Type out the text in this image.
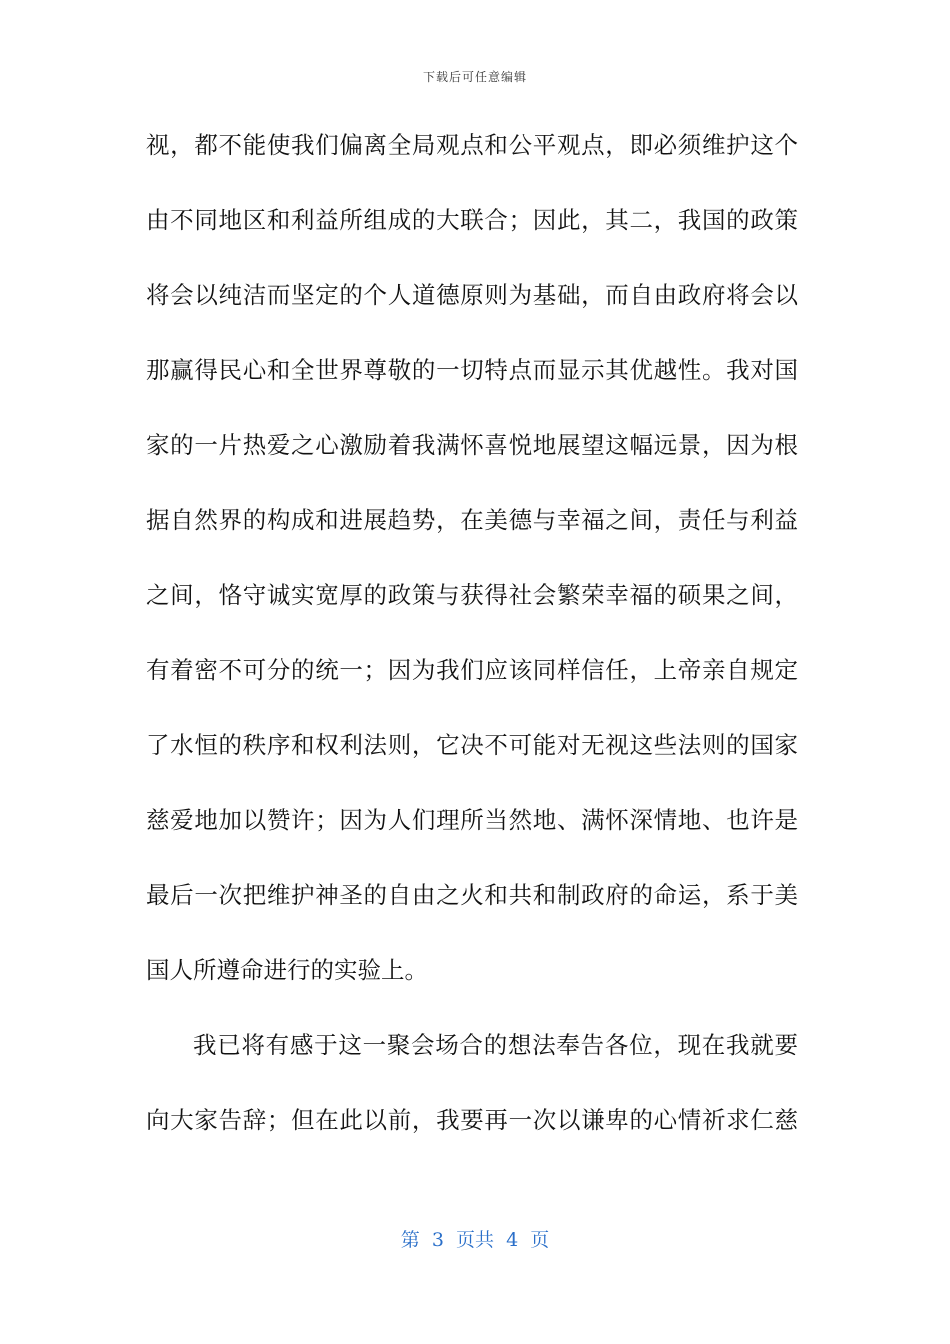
下载后可任意编辑
视，都不能使我们偏离全局观点和公平观点，即必须维护这个
由不同地区和利益所组成的大联合；因此，其二，我国的政策
将会以纯洁而坚定的个人道德原则为基础，而自由政府将会以
那赢得民心和全世界尊敬的一切特点而显示其优越性。我对国
家的一片热爱之心激励着我满怀喜悦地展望这幅远景，因为根
据自然界的构成和进展趋势，在美德与幸福之间，责任与利益
之间，恪守诚实宽厚的政策与获得社会繁荣幸福的硕果之间，
有着密不可分的统一；因为我们应该同样信任，上帝亲自规定
了水恒的秩序和权利法则，它决不可能对无视这些法则的国家
慈爱地加以赞许；因为人们理所当然地、满怀深情地、也许是
最后一次把维护神圣的自由之火和共和制政府的命运，系于美
国人所遵命进行的实验上。
我已将有感于这一聚会场合的想法奉告各位，现在我就要
向大家告辞；但在此以前，我要再一次以谦卑的心情祈求仁慈
第  3  页共  4  页
